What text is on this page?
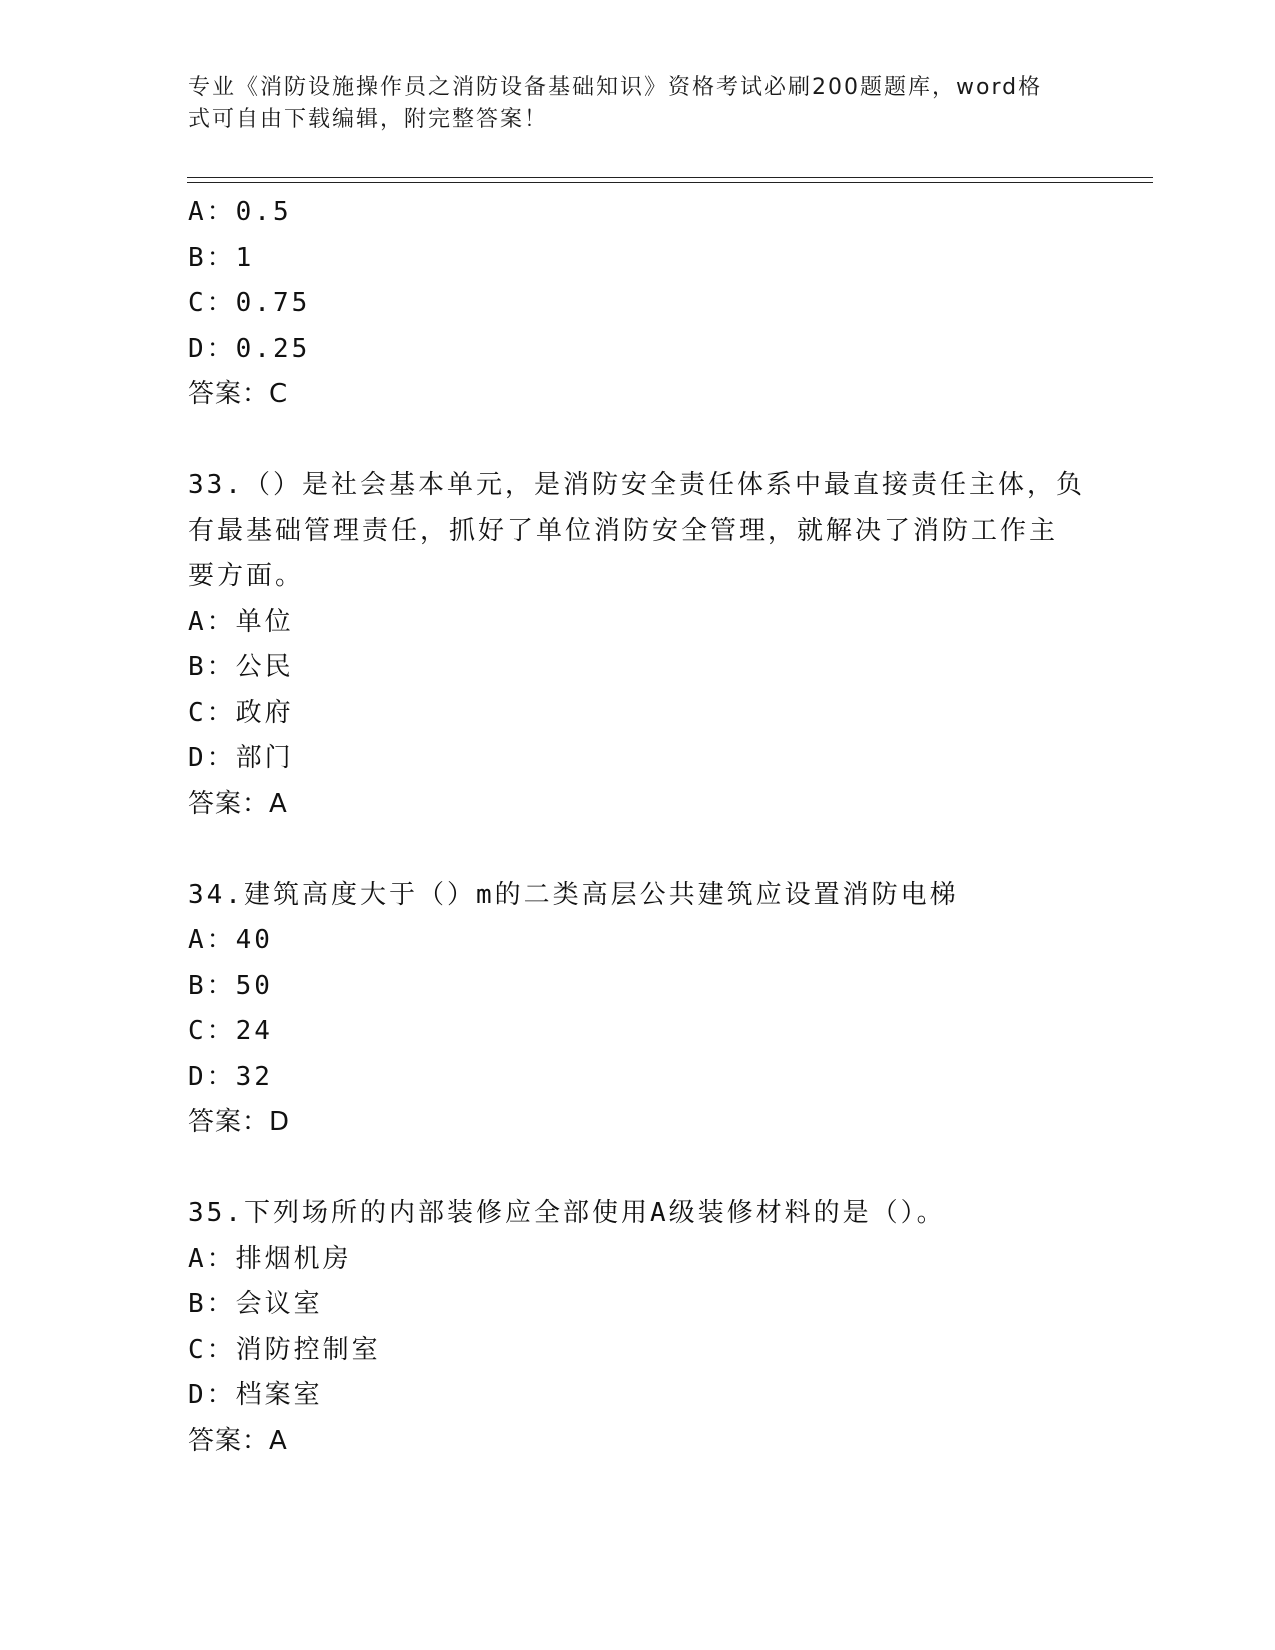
专业《消防设施操作员之消防设备基础知识》资格考试必刷200题题库，word格
式可自由下载编辑，附完整答案！
A：0.5
B：1
C：0.75
D：0.25
答案：C
33.（）是社会基本单元，是消防安全责任体系中最直接责任主体，负
有最基础管理责任，抓好了单位消防安全管理，就解决了消防工作主
要方面。
A：单位
B：公民
C：政府
D：部门
答案：A
34.建筑高度大于（）m的二类高层公共建筑应设置消防电梯
A：40
B：50
C：24
D：32
答案：D
35.下列场所的内部装修应全部使用A级装修材料的是（）。
A：排烟机房
B：会议室
C：消防控制室
D：档案室
答案：A
